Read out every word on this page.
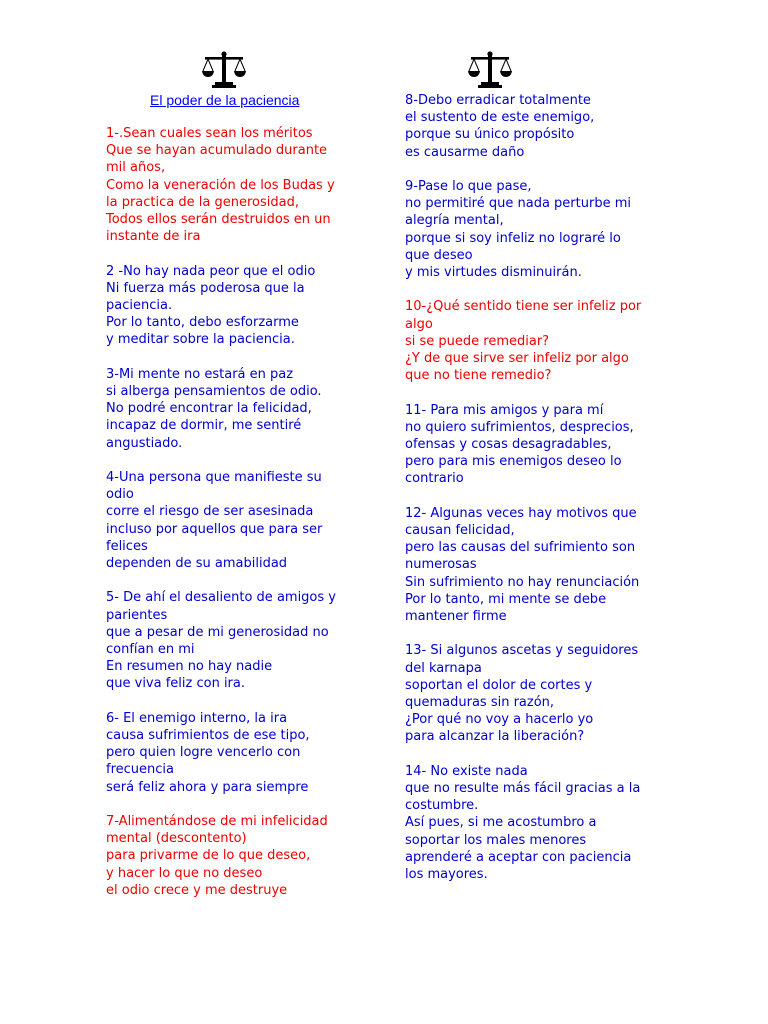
El poder de la paciencia
1-.Sean cuales sean los méritos
Que se hayan acumulado durante
mil años,
Como la veneración de los Budas y
la practica de la generosidad,
Todos ellos serán destruidos en un
instante de ira
2 -No hay nada peor que el odio
Ni fuerza más poderosa que la
paciencia.
Por lo tanto, debo esforzarme
y meditar sobre la paciencia.
3-Mi mente no estará en paz
si alberga pensamientos de odio.
No podré encontrar la felicidad,
incapaz de dormir, me sentiré
angustiado.
4-Una persona que manifieste su
odio
corre el riesgo de ser asesinada
incluso por aquellos que para ser
felices
dependen de su amabilidad
5- De ahí el desaliento de amigos y
parientes
que a pesar de mi generosidad no
confían en mi
En resumen no hay nadie
que viva feliz con ira.
6- El enemigo interno, la ira
causa sufrimientos de ese tipo,
pero quien logre vencerlo con
frecuencia
será feliz ahora y para siempre
7-Alimentándose de mi infelicidad
mental (descontento)
para privarme de lo que deseo,
y hacer lo que no deseo
el odio crece y me destruye
8-Debo erradicar totalmente
el sustento de este enemigo,
porque su único propósito
es causarme daño
9-Pase lo que pase,
no permitiré que nada perturbe mi
alegría mental,
porque si soy infeliz no lograré lo
que deseo
y mis virtudes disminuirán.
10-¿Qué sentido tiene ser infeliz por
algo
si se puede remediar?
¿Y de que sirve ser infeliz por algo
que no tiene remedio?
11- Para mis amigos y para mí
no quiero sufrimientos, desprecios,
ofensas y cosas desagradables,
pero para mis enemigos deseo lo
contrario
12- Algunas veces hay motivos que
causan felicidad,
pero las causas del sufrimiento son
numerosas
Sin sufrimiento no hay renunciación
Por lo tanto, mi mente se debe
mantener firme
13- Si algunos ascetas y seguidores
del karnapa
soportan el dolor de cortes y
quemaduras sin razón,
¿Por qué no voy a hacerlo yo
para alcanzar la liberación?
14- No existe nada
que no resulte más fácil gracias a la
costumbre.
Así pues, si me acostumbro a
soportar los males menores
aprenderé a aceptar con paciencia
los mayores.
